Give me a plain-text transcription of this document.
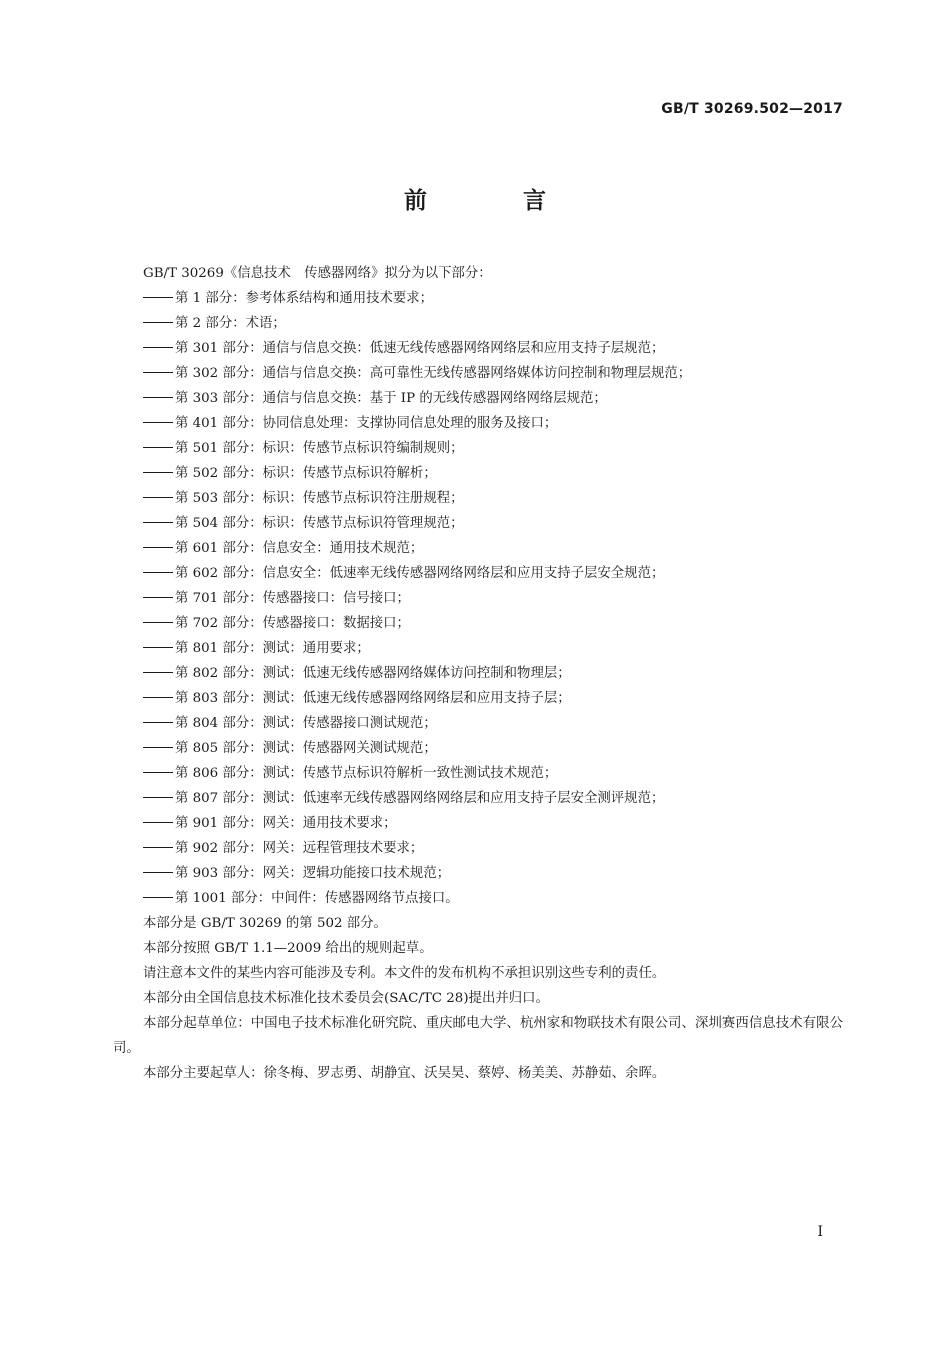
GB/T 30269.502—2017
前 言
GB/T 30269《信息技术　传感器网络》拟分为以下部分：
第 1 部分：参考体系结构和通用技术要求；
第 2 部分：术语；
第 301 部分：通信与信息交换：低速无线传感器网络网络层和应用支持子层规范；
第 302 部分：通信与信息交换：高可靠性无线传感器网络媒体访问控制和物理层规范；
第 303 部分：通信与信息交换：基于 IP 的无线传感器网络网络层规范；
第 401 部分：协同信息处理：支撑协同信息处理的服务及接口；
第 501 部分：标识：传感节点标识符编制规则；
第 502 部分：标识：传感节点标识符解析；
第 503 部分：标识：传感节点标识符注册规程；
第 504 部分：标识：传感节点标识符管理规范；
第 601 部分：信息安全：通用技术规范；
第 602 部分：信息安全：低速率无线传感器网络网络层和应用支持子层安全规范；
第 701 部分：传感器接口：信号接口；
第 702 部分：传感器接口：数据接口；
第 801 部分：测试：通用要求；
第 802 部分：测试：低速无线传感器网络媒体访问控制和物理层；
第 803 部分：测试：低速无线传感器网络网络层和应用支持子层；
第 804 部分：测试：传感器接口测试规范；
第 805 部分：测试：传感器网关测试规范；
第 806 部分：测试：传感节点标识符解析一致性测试技术规范；
第 807 部分：测试：低速率无线传感器网络网络层和应用支持子层安全测评规范；
第 901 部分：网关：通用技术要求；
第 902 部分：网关：远程管理技术要求；
第 903 部分：网关：逻辑功能接口技术规范；
第 1001 部分：中间件：传感器网络节点接口。
本部分是 GB/T 30269 的第 502 部分。
本部分按照 GB/T 1.1—2009 给出的规则起草。
请注意本文件的某些内容可能涉及专利。本文件的发布机构不承担识别这些专利的责任。
本部分由全国信息技术标准化技术委员会(SAC/TC 28)提出并归口。
本部分起草单位：中国电子技术标准化研究院、重庆邮电大学、杭州家和物联技术有限公司、深圳赛西信息技术有限公司。
本部分主要起草人：徐冬梅、罗志勇、胡静宜、沃吴昊、蔡婷、杨美美、苏静茹、余晖。
I
